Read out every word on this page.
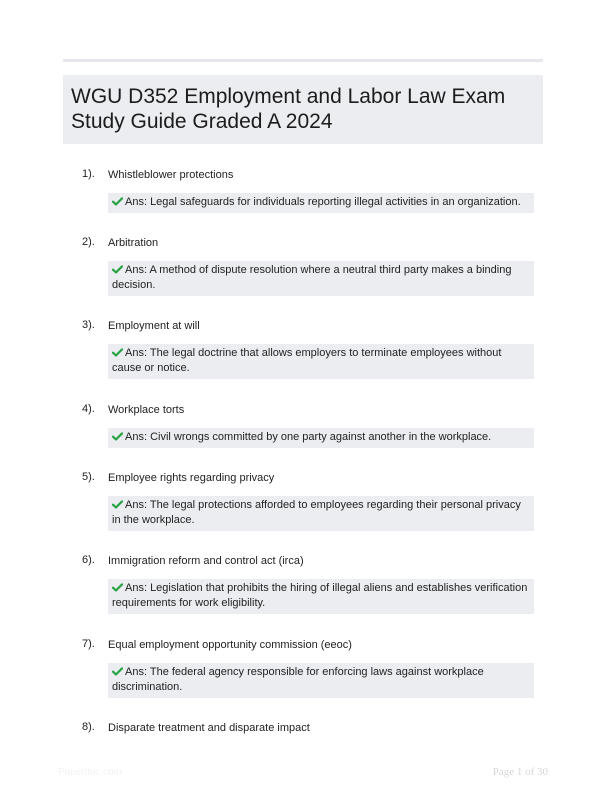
WGU D352 Employment and Labor Law Exam Study Guide Graded A 2024
1). Whistleblower protections
Ans: Legal safeguards for individuals reporting illegal activities in an organization.
2). Arbitration
Ans: A method of dispute resolution where a neutral third party makes a binding decision.
3). Employment at will
Ans: The legal doctrine that allows employers to terminate employees without cause or notice.
4). Workplace torts
Ans: Civil wrongs committed by one party against another in the workplace.
5). Employee rights regarding privacy
Ans: The legal protections afforded to employees regarding their personal privacy in the workplace.
6). Immigration reform and control act (irca)
Ans: Legislation that prohibits the hiring of illegal aliens and establishes verification requirements for work eligibility.
7). Equal employment opportunity commission (eeoc)
Ans: The federal agency responsible for enforcing laws against workplace discrimination.
8). Disparate treatment and disparate impact
Papertbic.com	Page 1 of 30
